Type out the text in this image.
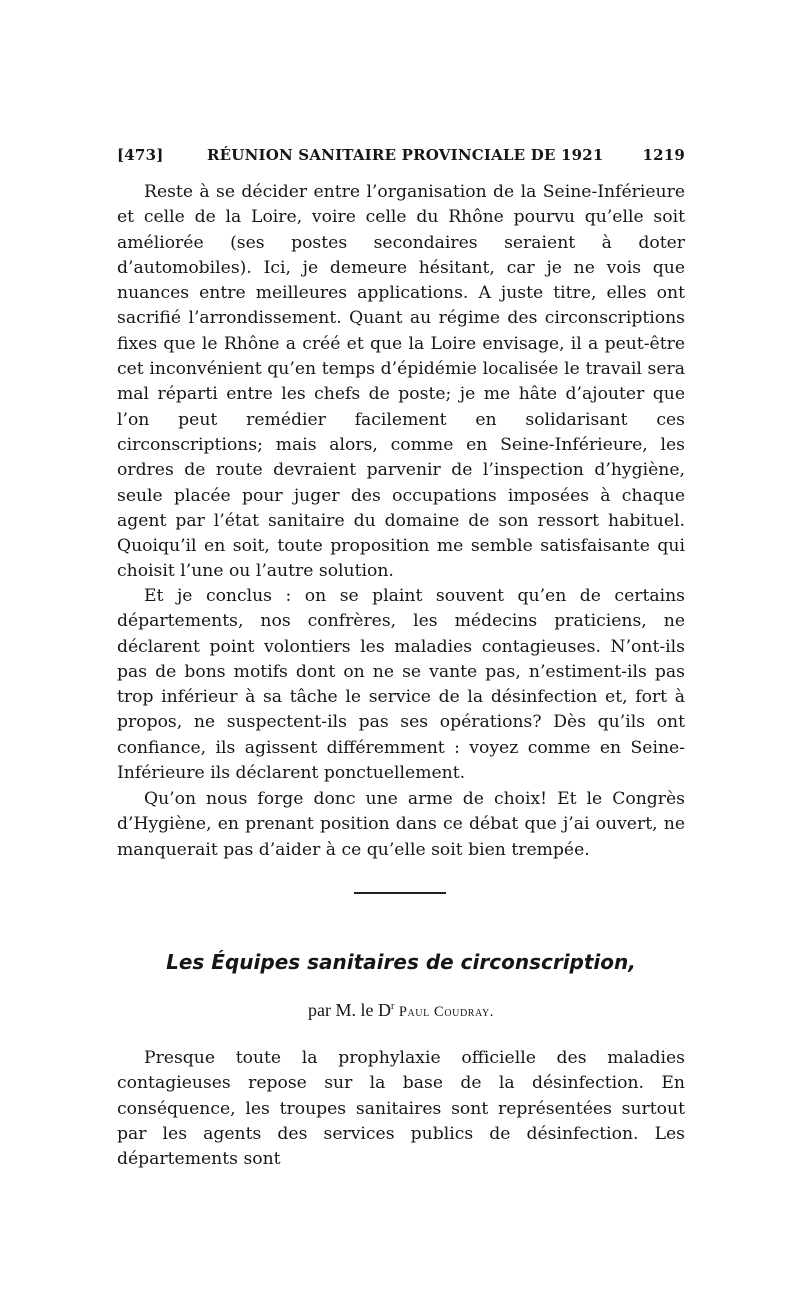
[473]	RÉUNION SANITAIRE PROVINCIALE DE 1921	1219

Reste à se décider entre l’organisation de la Seine-Inférieure et celle de la Loire, voire celle du Rhône pourvu qu’elle soit améliorée (ses postes secondaires seraient à doter d’automobiles). Ici, je demeure hésitant, car je ne vois que nuances entre meilleures applications. A juste titre, elles ont sacrifié l’arrondissement. Quant au régime des circonscriptions fixes que le Rhône a créé et que la Loire envisage, il a peut-être cet inconvénient qu’en temps d’épidémie localisée le travail sera mal réparti entre les chefs de poste; je me hâte d’ajouter que l’on peut remédier facilement en solidarisant ces circonscriptions; mais alors, comme en Seine-Inférieure, les ordres de route devraient parvenir de l’inspection d’hygiène, seule placée pour juger des occupations imposées à chaque agent par l’état sanitaire du domaine de son ressort habituel. Quoiqu’il en soit, toute proposition me semble satisfaisante qui choisit l’une ou l’autre solution.

Et je conclus : on se plaint souvent qu’en de certains départements, nos confrères, les médecins praticiens, ne déclarent point volontiers les maladies contagieuses. N’ont-ils pas de bons motifs dont on ne se vante pas, n’estiment-ils pas trop inférieur à sa tâche le service de la désinfection et, fort à propos, ne suspectent-ils pas ses opérations? Dès qu’ils ont confiance, ils agissent différemment : voyez comme en Seine-Inférieure ils déclarent ponctuellement.

Qu’on nous forge donc une arme de choix! Et le Congrès d’Hygiène, en prenant position dans ce débat que j’ai ouvert, ne manquerait pas d’aider à ce qu’elle soit bien trempée.

Les Équipes sanitaires de circonscription,
par M. le $D^r$ Paul Coudray.

Presque toute la prophylaxie officielle des maladies contagieuses repose sur la base de la désinfection. En conséquence, les troupes sanitaires sont représentées surtout par les agents des services publics de désinfection. Les départements sont
